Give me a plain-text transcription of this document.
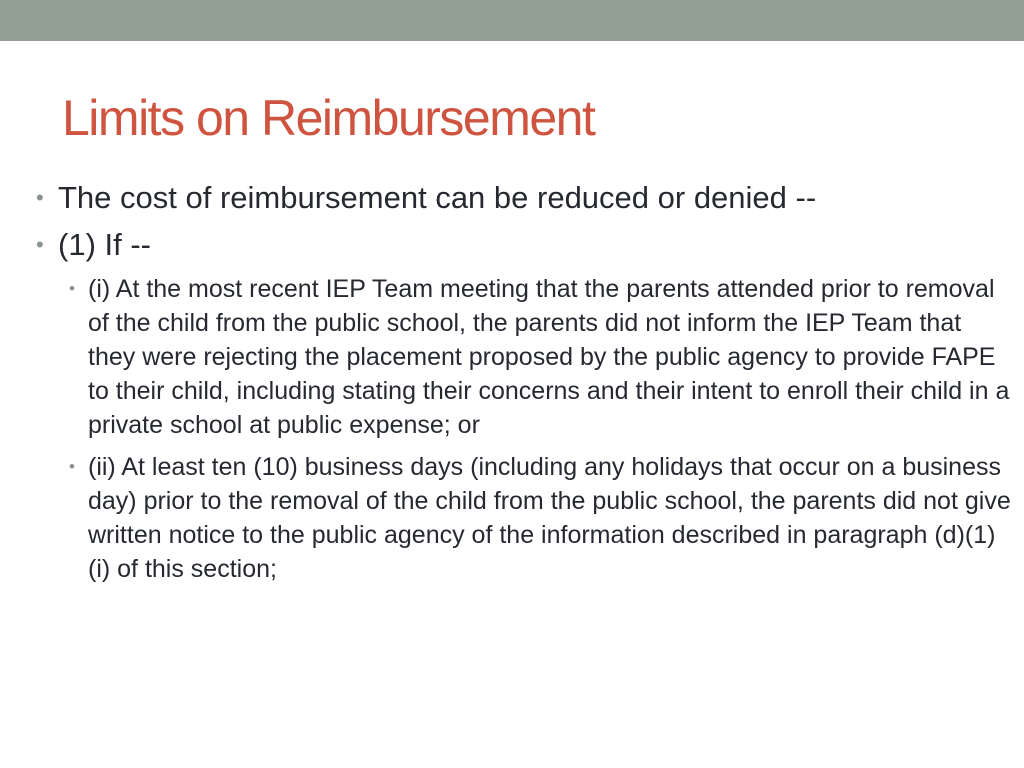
Limits on Reimbursement
• The cost of reimbursement can be reduced or denied --
• (1) If --
• (i) At the most recent IEP Team meeting that the parents attended prior to removal of the child from the public school, the parents did not inform the IEP Team that they were rejecting the placement proposed by the public agency to provide FAPE to their child, including stating their concerns and their intent to enroll their child in a private school at public expense; or
• (ii) At least ten (10) business days (including any holidays that occur on a business day) prior to the removal of the child from the public school, the parents did not give written notice to the public agency of the information described in paragraph (d)(1)(i) of this section;
